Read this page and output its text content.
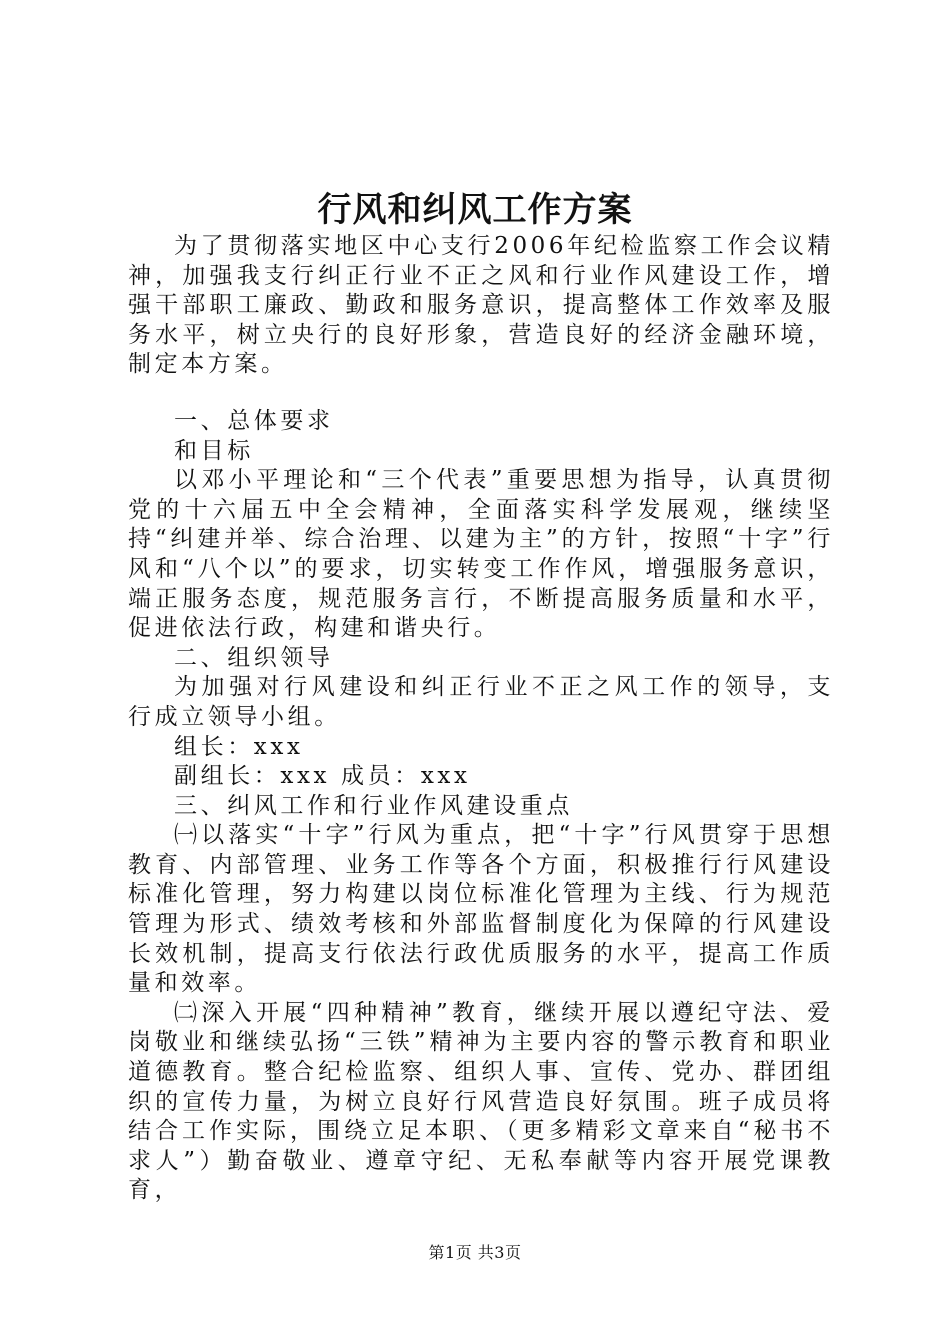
行风和纠风工作方案

为了贯彻落实地区中心支行2006年纪检监察工作会议精神，加强我支行纠正行业不正之风和行业作风建设工作，增强干部职工廉政、勤政和服务意识，提高整体工作效率及服务水平，树立央行的良好形象，营造良好的经济金融环境，制定本方案。

一、总体要求

和目标

以邓小平理论和“三个代表”重要思想为指导，认真贯彻党的十六届五中全会精神，全面落实科学发展观，继续坚持“纠建并举、综合治理、以建为主”的方针，按照“十字”行风和“八个以”的要求，切实转变工作作风，增强服务意识，端正服务态度，规范服务言行，不断提高服务质量和水平，促进依法行政，构建和谐央行。

二、组织领导

为加强对行风建设和纠正行业不正之风工作的领导，支行成立领导小组。

组长：xxx

副组长：xxx 成员：xxx

三、纠风工作和行业作风建设重点

㈠以落实“十字”行风为重点，把“十字”行风贯穿于思想教育、内部管理、业务工作等各个方面，积极推行行风建设标准化管理，努力构建以岗位标准化管理为主线、行为规范管理为形式、绩效考核和外部监督制度化为保障的行风建设长效机制，提高支行依法行政优质服务的水平，提高工作质量和效率。

㈡深入开展“四种精神”教育，继续开展以遵纪守法、爱岗敬业和继续弘扬“三铁”精神为主要内容的警示教育和职业道德教育。整合纪检监察、组织人事、宣传、党办、群团组织的宣传力量，为树立良好行风营造良好氛围。班子成员将结合工作实际，围绕立足本职、（更多精彩文章来自“秘书不求人”）勤奋敬业、遵章守纪、无私奉献等内容开展党课教育，

第1页 共3页
